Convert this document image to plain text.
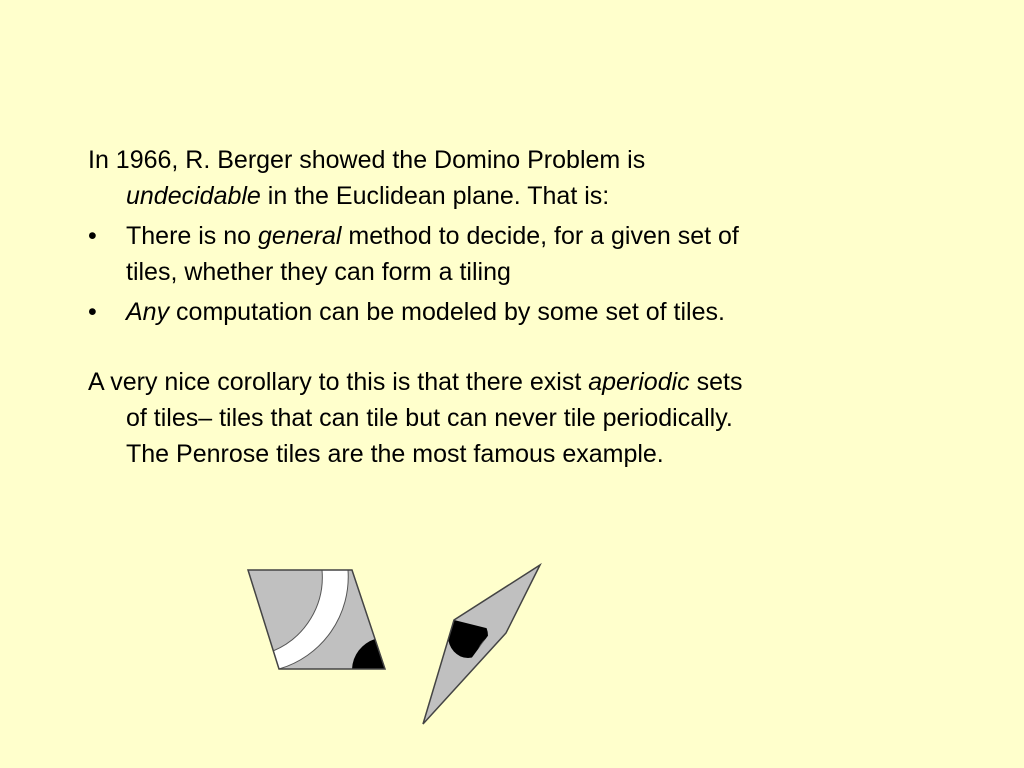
In 1966, R. Berger showed the Domino Problem is undecidable in the Euclidean plane. That is:

•	There is no general method to decide, for a given set of tiles, whether they can form a tiling
•	Any computation can be modeled by some set of tiles.

A very nice corollary to this is that there exist aperiodic sets of tiles– tiles that can tile but can never tile periodically. The Penrose tiles are the most famous example.
